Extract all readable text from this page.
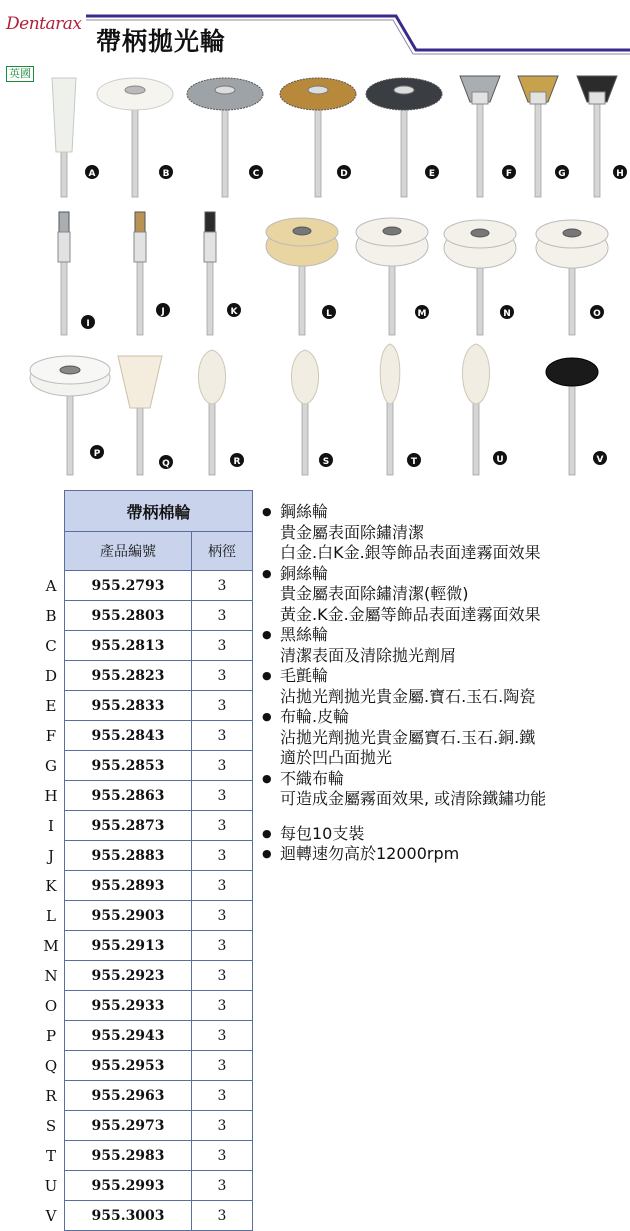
Dentarax
帶柄拋光輪
英國
A	B	C	D	E	F	G	H
I
J	K	L	M	N	O
P
Q	R	S	T	U	V
	帶柄棉輪	
	產品編號	柄徑
A	955.2793	3
B	955.2803	3
C	955.2813	3
D	955.2823	3
E	955.2833	3
F	955.2843	3
G	955.2853	3
H	955.2863	3
I	955.2873	3
J	955.2883	3
K	955.2893	3
L	955.2903	3
M	955.2913	3
N	955.2923	3
O	955.2933	3
P	955.2943	3
Q	955.2953	3
R	955.2963	3
S	955.2973	3
T	955.2983	3
U	955.2993	3
V	955.3003	3
● 鋼絲輪
貴金屬表面除鏽清潔
白金.白K金.銀等飾品表面達霧面效果
● 銅絲輪
貴金屬表面除鏽清潔(輕微)
黃金.K金.金屬等飾品表面達霧面效果
● 黑絲輪
清潔表面及清除拋光劑屑
● 毛氈輪
沾拋光劑拋光貴金屬.寶石.玉石.陶瓷
● 布輪.皮輪
沾拋光劑拋光貴金屬寶石.玉石.銅.鐵
適於凹凸面拋光
● 不織布輪
可造成金屬霧面效果, 或清除鐵鏽功能
● 每包10支裝
● 迴轉速勿高於12000rpm
